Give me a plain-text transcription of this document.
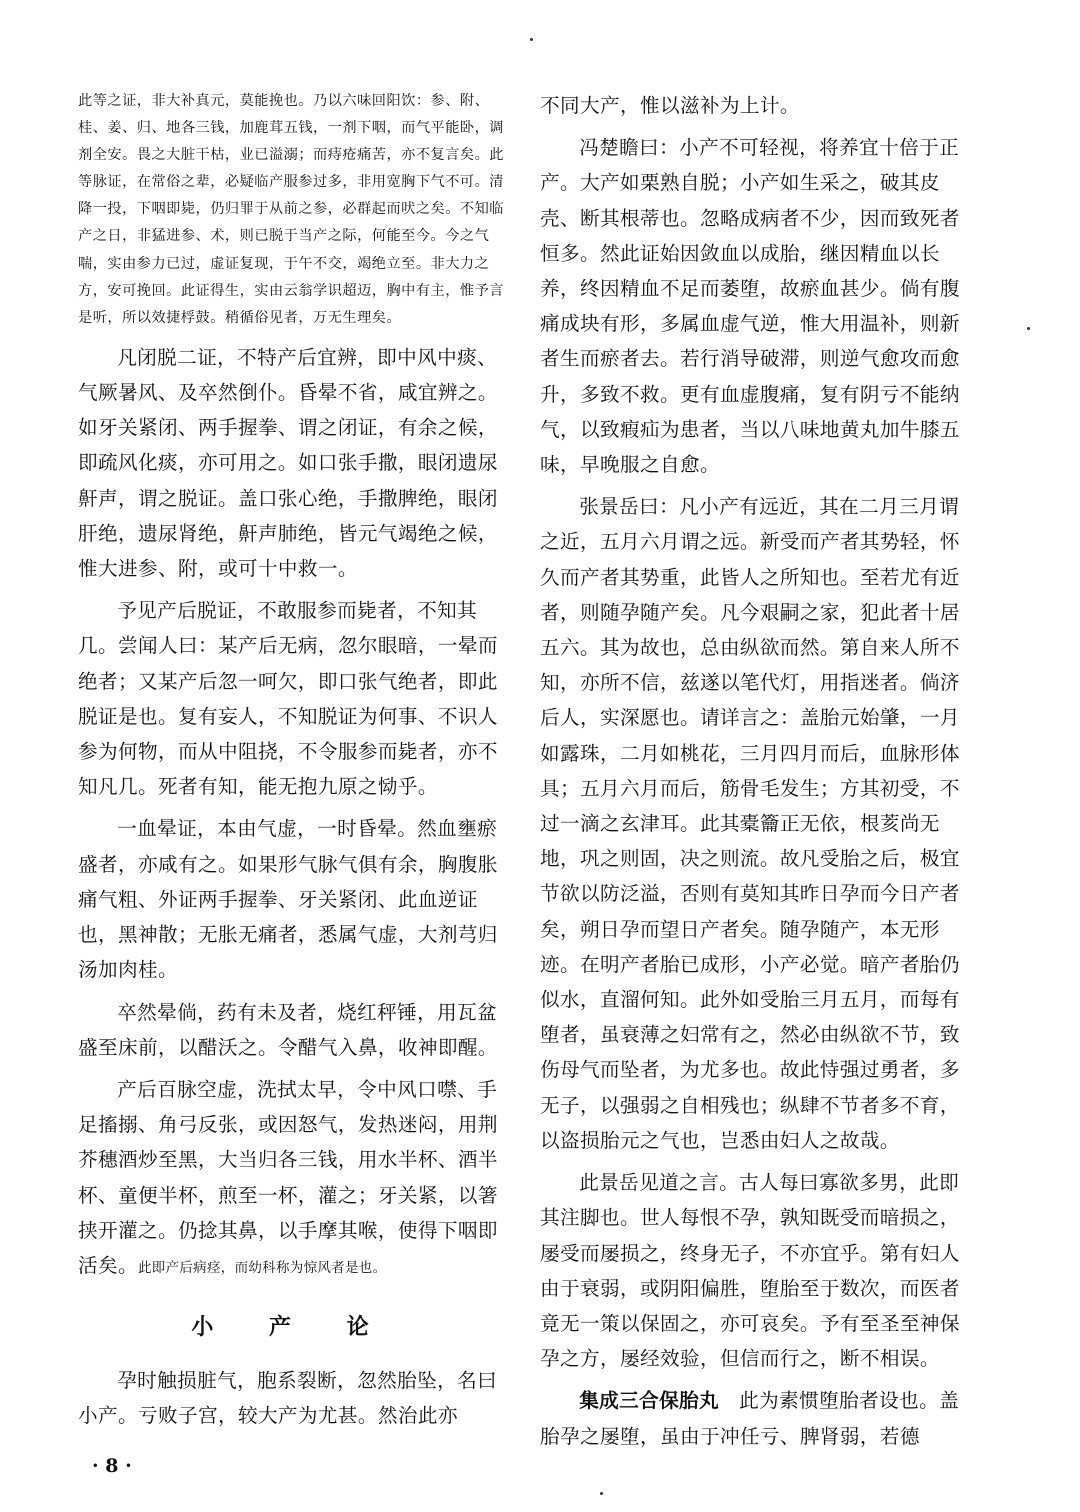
此等之证，非大补真元，莫能挽也。乃以六味回阳饮：参、附、桂、姜、归、地各三钱，加鹿茸五钱，一剂下咽，而气平能卧，调剂全安。畏之大脏干枯，业已溢溺；而痔疮痛苦，亦不复言矣。此等脉证，在常俗之辈，必疑临产服参过多，非用宽胸下气不可。清降一投，下咽即毙，仍归罪于从前之参，必群起而吠之矣。不知临产之日，非猛进参、术，则已脱于当产之际，何能至今。今之气喘，实由参力已过，虚证复现，于午不交，竭绝立至。非大力之方，安可挽回。此证得生，实由云翁学识超迈，胸中有主，惟予言是听，所以效捷桴鼓。稍循俗见者，万无生理矣。

凡闭脱二证，不特产后宜辨，即中风中痰、气厥暑风、及卒然倒仆。昏晕不省，咸宜辨之。如牙关紧闭、两手握拳、谓之闭证，有余之候，即疏风化痰，亦可用之。如口张手撒，眼闭遗尿鼾声，谓之脱证。盖口张心绝，手撒脾绝，眼闭肝绝，遗尿肾绝，鼾声肺绝，皆元气竭绝之候，惟大进参、附，或可十中救一。

予见产后脱证，不敢服参而毙者，不知其几。尝闻人曰：某产后无病，忽尔眼暗，一晕而绝者；又某产后忽一呵欠，即口张气绝者，即此脱证是也。复有妄人，不知脱证为何事、不识人参为何物，而从中阻挠，不令服参而毙者，亦不知凡几。死者有知，能无抱九原之恸乎。

一血晕证，本由气虚，一时昏晕。然血壅瘀盛者，亦咸有之。如果形气脉气俱有余，胸腹胀痛气粗、外证两手握拳、牙关紧闭、此血逆证也，黑神散；无胀无痛者，悉属气虚，大剂芎归汤加肉桂。

卒然晕倘，药有未及者，烧红秤锤，用瓦盆盛至床前，以醋沃之。令醋气入鼻，收神即醒。

产后百脉空虚，洗拭太早，令中风口噤、手足搐搦、角弓反张，或因怒气，发热迷闷，用荆芥穗酒炒至黑，大当归各三钱，用水半杯、酒半杯、童便半杯，煎至一杯，灌之；牙关紧，以箸挟开灌之。仍捻其鼻，以手摩其喉，使得下咽即活矣。此即产后病痉，而幼科称为惊风者是也。

小 产 论

孕时触损脏气，胞系裂断，忽然胎坠，名曰小产。亏败子宫，较大产为尤甚。然治此亦

不同大产，惟以滋补为上计。

冯楚瞻曰：小产不可轻视，将养宜十倍于正产。大产如栗熟自脱；小产如生采之，破其皮壳、断其根蒂也。忽略成病者不少，因而致死者恒多。然此证始因敛血以成胎，继因精血以长养，终因精血不足而萎堕，故瘀血甚少。倘有腹痛成块有形，多属血虚气逆，惟大用温补，则新者生而瘀者去。若行消导破滞，则逆气愈攻而愈升，多致不救。更有血虚腹痛，复有阴亏不能纳气，以致瘕疝为患者，当以八味地黄丸加牛膝五味，早晚服之自愈。

张景岳曰：凡小产有远近，其在二月三月谓之近，五月六月谓之远。新受而产者其势轻，怀久而产者其势重，此皆人之所知也。至若尤有近者，则随孕随产矣。凡今艰嗣之家，犯此者十居五六。其为故也，总由纵欲而然。第自来人所不知，亦所不信，兹遂以笔代灯，用指迷者。倘济后人，实深愿也。请详言之：盖胎元始肇，一月如露珠，二月如桃花，三月四月而后，血脉形体具；五月六月而后，筋骨毛发生；方其初受，不过一滴之玄津耳。此其橐籥正无依，根荄尚无地，巩之则固，决之则流。故凡受胎之后，极宜节欲以防泛溢，否则有莫知其昨日孕而今日产者矣，朔日孕而望日产者矣。随孕随产，本无形迹。在明产者胎已成形，小产必觉。暗产者胎仍似水，直溜何知。此外如受胎三月五月，而每有堕者，虽衰薄之妇常有之，然必由纵欲不节，致伤母气而坠者，为尤多也。故此恃强过勇者，多无子，以强弱之自相残也；纵肆不节者多不育，以盗损胎元之气也，岂悉由妇人之故哉。

此景岳见道之言。古人每曰寡欲多男，此即其注脚也。世人每恨不孕，孰知既受而暗损之，屡受而屡损之，终身无子，不亦宜乎。第有妇人由于衰弱，或阴阳偏胜，堕胎至于数次，而医者竟无一策以保固之，亦可哀矣。予有至圣至神保孕之方，屡经效验，但信而行之，断不相误。

集成三合保胎丸　此为素惯堕胎者设也。盖胎孕之屡堕，虽由于冲任亏、脾肾弱，若德

· 8 ·
